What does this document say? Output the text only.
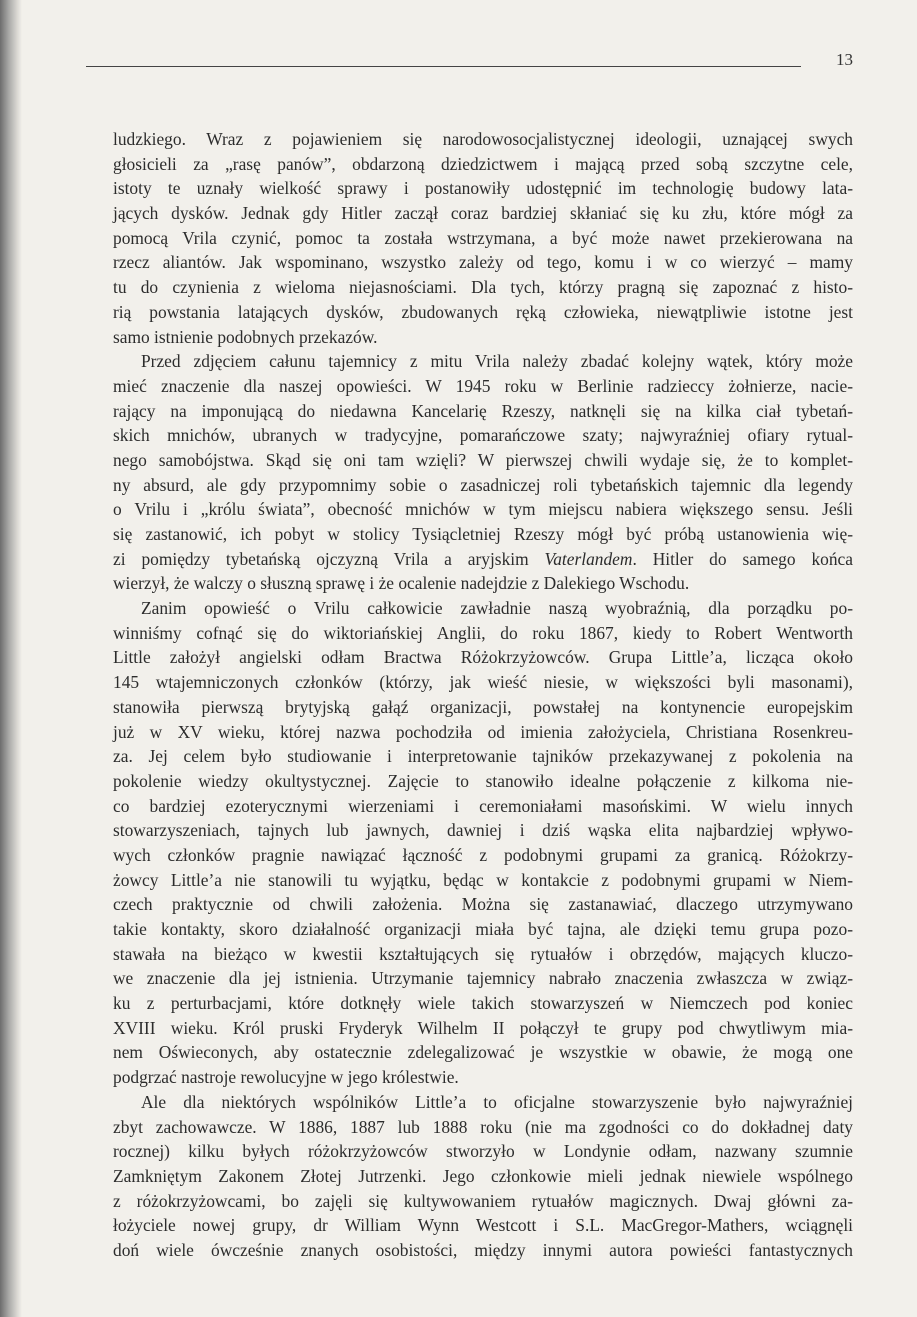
13
ludzkiego. Wraz z pojawieniem się narodowosocjalistycznej ideologii, uznającej swych
głosicieli za „rasę panów”, obdarzoną dziedzictwem i mającą przed sobą szczytne cele,
istoty te uznały wielkość sprawy i postanowiły udostępnić im technologię budowy lata-
jących dysków. Jednak gdy Hitler zaczął coraz bardziej skłaniać się ku złu, które mógł za
pomocą Vrila czynić, pomoc ta została wstrzymana, a być może nawet przekierowana na
rzecz aliantów. Jak wspominano, wszystko zależy od tego, komu i w co wierzyć – mamy
tu do czynienia z wieloma niejasnościami. Dla tych, którzy pragną się zapoznać z histo-
rią powstania latających dysków, zbudowanych ręką człowieka, niewątpliwie istotne jest
samo istnienie podobnych przekazów.
Przed zdjęciem całunu tajemnicy z mitu Vrila należy zbadać kolejny wątek, który może
mieć znaczenie dla naszej opowieści. W 1945 roku w Berlinie radzieccy żołnierze, nacie-
rający na imponującą do niedawna Kancelarię Rzeszy, natknęli się na kilka ciał tybetań-
skich mnichów, ubranych w tradycyjne, pomarańczowe szaty; najwyraźniej ofiary rytual-
nego samobójstwa. Skąd się oni tam wzięli? W pierwszej chwili wydaje się, że to komplet-
ny absurd, ale gdy przypomnimy sobie o zasadniczej roli tybetańskich tajemnic dla legendy
o Vrilu i „królu świata”, obecność mnichów w tym miejscu nabiera większego sensu. Jeśli
się zastanowić, ich pobyt w stolicy Tysiącletniej Rzeszy mógł być próbą ustanowienia wię-
zi pomiędzy tybetańską ojczyzną Vrila a aryjskim Vaterlandem. Hitler do samego końca
wierzył, że walczy o słuszną sprawę i że ocalenie nadejdzie z Dalekiego Wschodu.
Zanim opowieść o Vrilu całkowicie zawładnie naszą wyobraźnią, dla porządku po-
winniśmy cofnąć się do wiktoriańskiej Anglii, do roku 1867, kiedy to Robert Wentworth
Little założył angielski odłam Bractwa Różokrzyżowców. Grupa Little’a, licząca około
145 wtajemniczonych członków (którzy, jak wieść niesie, w większości byli masonami),
stanowiła pierwszą brytyjską gałąź organizacji, powstałej na kontynencie europejskim
już w XV wieku, której nazwa pochodziła od imienia założyciela, Christiana Rosenkreu-
za. Jej celem było studiowanie i interpretowanie tajników przekazywanej z pokolenia na
pokolenie wiedzy okultystycznej. Zajęcie to stanowiło idealne połączenie z kilkoma nie-
co bardziej ezoterycznymi wierzeniami i ceremoniałami masońskimi. W wielu innych
stowarzyszeniach, tajnych lub jawnych, dawniej i dziś wąska elita najbardziej wpływo-
wych członków pragnie nawiązać łączność z podobnymi grupami za granicą. Różokrzy-
żowcy Little’a nie stanowili tu wyjątku, będąc w kontakcie z podobnymi grupami w Niem-
czech praktycznie od chwili założenia. Można się zastanawiać, dlaczego utrzymywano
takie kontakty, skoro działalność organizacji miała być tajna, ale dzięki temu grupa pozo-
stawała na bieżąco w kwestii kształtujących się rytuałów i obrzędów, mających kluczo-
we znaczenie dla jej istnienia. Utrzymanie tajemnicy nabrało znaczenia zwłaszcza w związ-
ku z perturbacjami, które dotknęły wiele takich stowarzyszeń w Niemczech pod koniec
XVIII wieku. Król pruski Fryderyk Wilhelm II połączył te grupy pod chwytliwym mia-
nem Oświeconych, aby ostatecznie zdelegalizować je wszystkie w obawie, że mogą one
podgrzać nastroje rewolucyjne w jego królestwie.
Ale dla niektórych wspólników Little’a to oficjalne stowarzyszenie było najwyraźniej
zbyt zachowawcze. W 1886, 1887 lub 1888 roku (nie ma zgodności co do dokładnej daty
rocznej) kilku byłych różokrzyżowców stworzyło w Londynie odłam, nazwany szumnie
Zamkniętym Zakonem Złotej Jutrzenki. Jego członkowie mieli jednak niewiele wspólnego
z różokrzyżowcami, bo zajęli się kultywowaniem rytuałów magicznych. Dwaj główni za-
łożyciele nowej grupy, dr William Wynn Westcott i S.L. MacGregor-Mathers, wciągnęli
doń wiele ówcześnie znanych osobistości, między innymi autora powieści fantastycznych
